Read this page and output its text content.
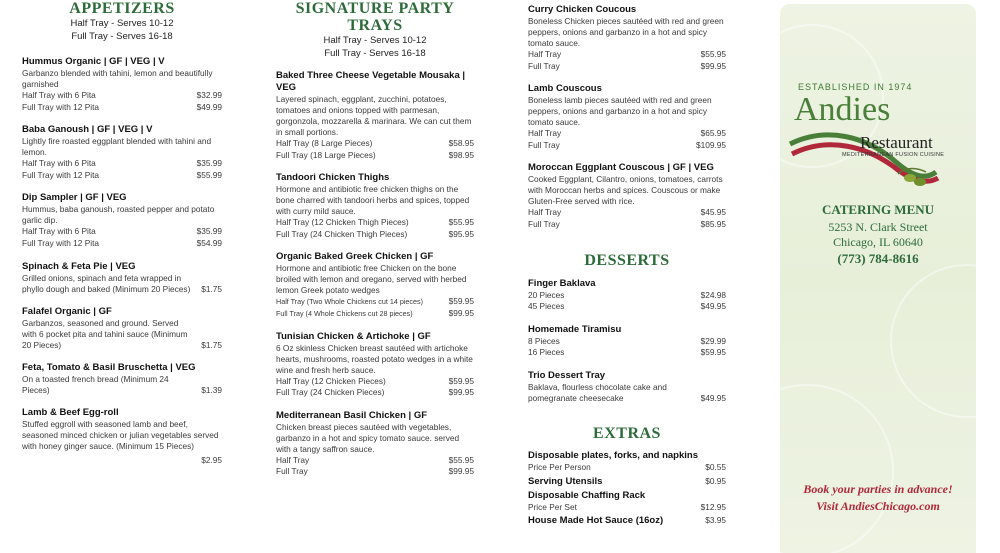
APPETIZERS
Half Tray - Serves 10-12
Full Tray - Serves 16-18
Hummus Organic | GF | VEG | V
Garbanzo blended with tahini, lemon and beautifully garnished
Half Tray with 6 Pita	$32.99
Full Tray with 12 Pita	$49.99
Baba Ganoush | GF | VEG | V
Lightly fire roasted eggplant blended with tahini and lemon.
Half Tray with 6 Pita	$35.99
Full Tray with 12 Pita	$55.99
Dip Sampler | GF | VEG
Hummus, baba ganoush, roasted pepper and potato garlic dip.
Half Tray with 6 Pita	$35.99
Full Tray with 12 Pita	$54.99
Spinach & Feta Pie | VEG
Grilled onions, spinach and feta wrapped in phyllo dough and baked (Minimum 20 Pieces)	$1.75
Falafel Organic | GF
Garbanzos, seasoned and ground. Served with 6 pocket pita and tahini sauce (Minimum 20 Pieces)	$1.75
Feta, Tomato & Basil Bruschetta | VEG
On a toasted french bread (Minimum 24 Pieces)	$1.39
Lamb & Beef Egg-roll
Stuffed eggroll with seasoned lamb and beef, seasoned minced chicken or julian vegetables served with honey ginger sauce. (Minimum 15 Pieces)
$2.95
SIGNATURE PARTY
TRAYS
Half Tray - Serves 10-12
Full Tray - Serves 16-18
Baked Three Cheese Vegetable Mousaka | VEG
Layered spinach, eggplant, zucchini, potatoes, tomatoes and onions topped with parmesan, gorgonzola, mozzarella & marinara. We can cut them in small portions.
Half Tray (8 Large Pieces)	$58.95
Full Tray (18 Large Pieces)	$98.95
Tandoori Chicken Thighs
Hormone and antibiotic free chicken thighs on the bone charred with tandoori herbs and spices, topped with curry mild sauce.
Half Tray (12 Chicken Thigh Pieces)	$55.95
Full Tray (24 Chicken Thigh Pieces)	$95.95
Organic Baked Greek Chicken | GF
Hormone and antibiotic free Chicken on the bone broiled with lemon and oregano, served with herbed lemon Greek potato wedges
Half Tray (Two Whole Chickens cut 14 pieces)	$59.95
Full Tray (4 Whole Chickens cut 28 pieces)	$99.95
Tunisian Chicken & Artichoke | GF
6 Oz skinless Chicken breast sautéed with artichoke hearts, mushrooms, roasted potato wedges in a white wine and fresh herb sauce.
Half Tray (12 Chicken Pieces)	$59.95
Full Tray (24 Chicken Pieces)	$99.95
Mediterranean Basil Chicken | GF
Chicken breast pieces sautéed with vegetables, garbanzo in a hot and spicy tomato sauce. served with a tangy saffron sauce.
Half Tray	$55.95
Full Tray	$99.95
Curry Chicken Coucous
Boneless Chicken pieces sautéed with red and green peppers, onions and garbanzo in a hot and spicy tomato sauce.
Half Tray	$55.95
Full Tray	$99.95
Lamb Couscous
Boneless lamb pieces sautéed with red and green peppers, onions and garbanzo in a hot and spicy tomato sauce.
Half Tray	$65.95
Full Tray	$109.95
Moroccan Eggplant Couscous | GF | VEG
Cooked Eggplant, Cilantro, onions, tomatoes, carrots with Moroccan herbs and spices. Couscous or make Gluten-Free served with rice.
Half Tray	$45.95
Full Tray	$85.95
DESSERTS
Finger Baklava
20 Pieces	$24.98
45 Pieces	$49.95
Homemade Tiramisu
8 Pieces	$29.99
16 Pieces	$59.95
Trio Dessert Tray
Baklava, flourless chocolate cake and pomegranate cheesecake	$49.95
EXTRAS
Disposable plates, forks, and napkins
Price Per Person	$0.55
Serving Utensils	$0.95
Disposable Chaffing Rack
Price Per Set	$12.95
House Made Hot Sauce (16oz)	$3.95
ESTABLISHED IN 1974
Andies
Restaurant
MEDITERRANEAN FUSION CUISINE
CATERING MENU
5253 N. Clark Street
Chicago, IL 60640
(773) 784-8616
Book your parties in advance!
Visit AndiesChicago.com
